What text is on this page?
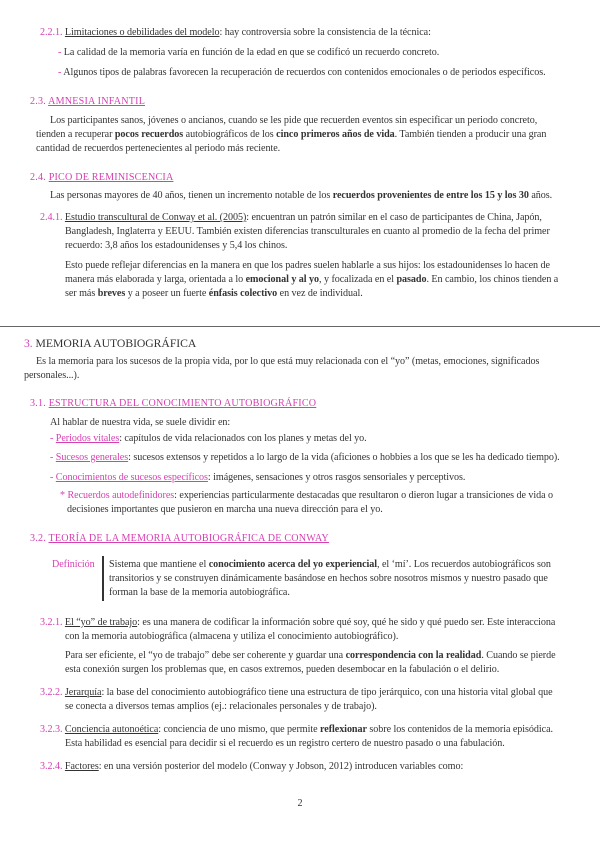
2.2.1. Limitaciones o debilidades del modelo: hay controversia sobre la consistencia de la técnica:
- La calidad de la memoria varía en función de la edad en que se codificó un recuerdo concreto.
- Algunos tipos de palabras favorecen la recuperación de recuerdos con contenidos emocionales o de periodos específicos.
2.3. AMNESIA INFANTIL
Los participantes sanos, jóvenes o ancianos, cuando se les pide que recuerden eventos sin especificar un periodo concreto,
tienden a recuperar pocos recuerdos autobiográficos de los cinco primeros años de vida. También tienden a producir una gran
cantidad de recuerdos pertenecientes al periodo más reciente.
2.4. PICO DE REMINISCENCIA
Las personas mayores de 40 años, tienen un incremento notable de los recuerdos provenientes de entre los 15 y los 30 años.
2.4.1. Estudio transcultural de Conway et al. (2005): encuentran un patrón similar en el caso de participantes de China, Japón,
Bangladesh, Inglaterra y EEUU. También existen diferencias transculturales en cuanto al promedio de la fecha del primer
recuerdo: 3,8 años los estadounidenses y 5,4 los chinos.
Esto puede reflejar diferencias en la manera en que los padres suelen hablarle a sus hijos: los estadounidenses lo hacen de
manera más elaborada y larga, orientada a lo emocional y al yo, y focalizada en el pasado. En cambio, los chinos tienden a
ser más breves y a poseer un fuerte énfasis colectivo en vez de individual.
3. MEMORIA AUTOBIOGRÁFICA
Es la memoria para los sucesos de la propia vida, por lo que está muy relacionada con el “yo” (metas, emociones, significados
personales...).
3.1. ESTRUCTURA DEL CONOCIMIENTO AUTOBIOGRÁFICO
Al hablar de nuestra vida, se suele dividir en:
- Periodos vitales: capítulos de vida relacionados con los planes y metas del yo.
- Sucesos generales: sucesos extensos y repetidos a lo largo de la vida (aficiones o hobbies a los que se les ha dedicado tiempo).
- Conocimientos de sucesos específicos: imágenes, sensaciones y otros rasgos sensoriales y perceptivos.
* Recuerdos autodefinidores: experiencias particularmente destacadas que resultaron o dieron lugar a transiciones de vida o
decisiones importantes que pusieron en marcha una nueva dirección para el yo.
3.2. TEORÍA DE LA MEMORIA AUTOBIOGRÁFICA DE CONWAY
Definición Sistema que mantiene el conocimiento acerca del yo experiencial, el ‘mí’. Los recuerdos autobiográficos son
transitorios y se construyen dinámicamente basándose en hechos sobre nosotros mismos y nuestro pasado que
forman la base de la memoria autobiográfica.
3.2.1. El “yo” de trabajo: es una manera de codificar la información sobre qué soy, qué he sido y qué puedo ser. Este interacciona
con la memoria autobiográfica (almacena y utiliza el conocimiento autobiográfico).
Para ser eficiente, el “yo de trabajo” debe ser coherente y guardar una correspondencia con la realidad. Cuando se pierde
esta conexión surgen los problemas que, en casos extremos, pueden desembocar en la fabulación o el delirio.
3.2.2. Jerarquía: la base del conocimiento autobiográfico tiene una estructura de tipo jerárquico, con una historia vital global que
se conecta a diversos temas amplios (ej.: relacionales personales y de trabajo).
3.2.3. Conciencia autonoética: conciencia de uno mismo, que permite reflexionar sobre los contenidos de la memoria episódica.
Esta habilidad es esencial para decidir si el recuerdo es un registro certero de nuestro pasado o una fabulación.
3.2.4. Factores: en una versión posterior del modelo (Conway y Jobson, 2012) introducen variables como:
2
